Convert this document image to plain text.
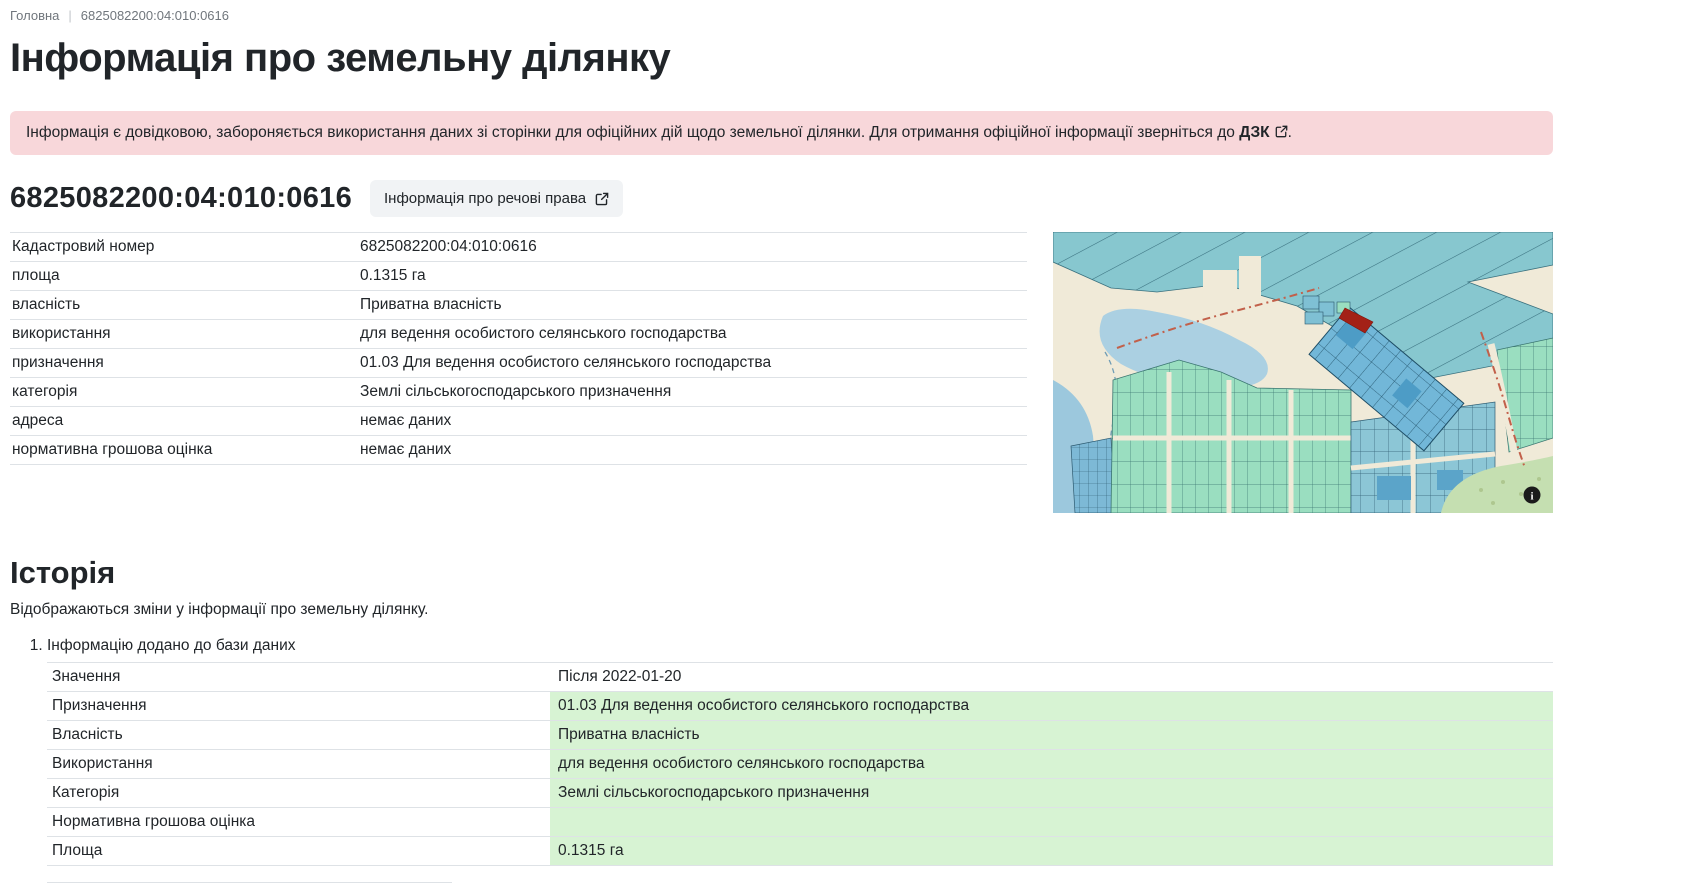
Головна | 6825082200:04:010:0616
Інформація про земельну ділянку
Інформація є довідковою, забороняється використання даних зі сторінки для офіційних дій щодо земельної ділянки. Для отримання офіційної інформації зверніться до ДЗК .
6825082200:04:010:0616 Інформація про речові права
Кадастровий номер	6825082200:04:010:0616
площа	0.1315 га
власність	Приватна власність
використання	для ведення особистого селянського господарства
призначення	01.03 Для ведення особистого селянського господарства
категорія	Землі сільськогосподарського призначення
адреса	немає даних
нормативна грошова оцінка	немає даних
i
Історія

Відображаються зміни у інформації про земельну ділянку.

1. Інформацію додано до бази даних
Значення	Після 2022-01-20
Призначення	01.03 Для ведення особистого селянського господарства
Власність	Приватна власність
Використання	для ведення особистого селянського господарства
Категорія	Землі сільськогосподарського призначення
Нормативна грошова оцінка	
Площа	0.1315 га
